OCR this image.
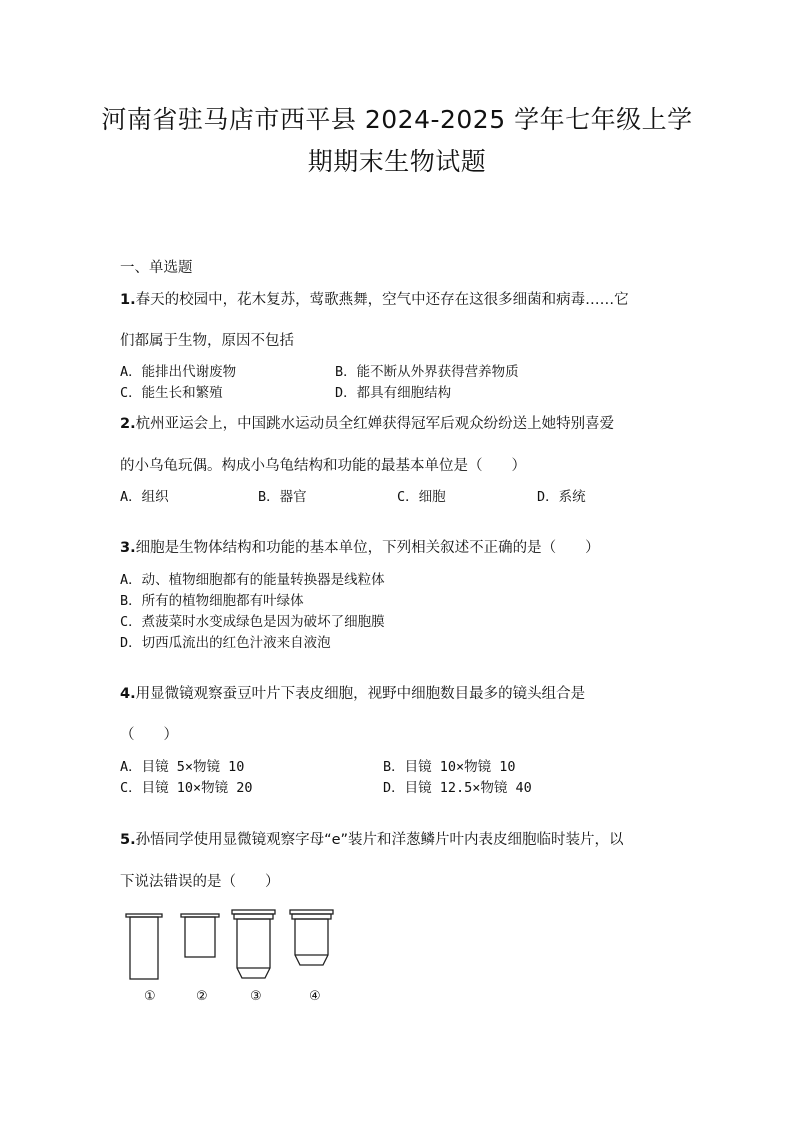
河南省驻马店市西平县 2024-2025 学年七年级上学
期期末生物试题
一、单选题
1.春天的校园中，花木复苏，莺歌燕舞，空气中还存在这很多细菌和病毒……它
们都属于生物，原因不包括
A．能排出代谢废物	B．能不断从外界获得营养物质
C．能生长和繁殖	D．都具有细胞结构
2.杭州亚运会上，中国跳水运动员全红婵获得冠军后观众纷纷送上她特别喜爱
的小乌龟玩偶。构成小乌龟结构和功能的最基本单位是（　　）
A．组织	B．器官	C．细胞	D．系统
3.细胞是生物体结构和功能的基本单位，下列相关叙述不正确的是（　　）
A．动、植物细胞都有的能量转换器是线粒体
B．所有的植物细胞都有叶绿体
C．煮菠菜时水变成绿色是因为破坏了细胞膜
D．切西瓜流出的红色汁液来自液泡
4.用显微镜观察蚕豆叶片下表皮细胞，视野中细胞数目最多的镜头组合是
（　　）
A．目镜 5×物镜 10	B．目镜 10×物镜 10
C．目镜 10×物镜 20	D．目镜 12.5×物镜 40
5.孙悟同学使用显微镜观察字母“e”装片和洋葱鳞片叶内表皮细胞临时装片，以
下说法错误的是（　　）
①	②	③	④
